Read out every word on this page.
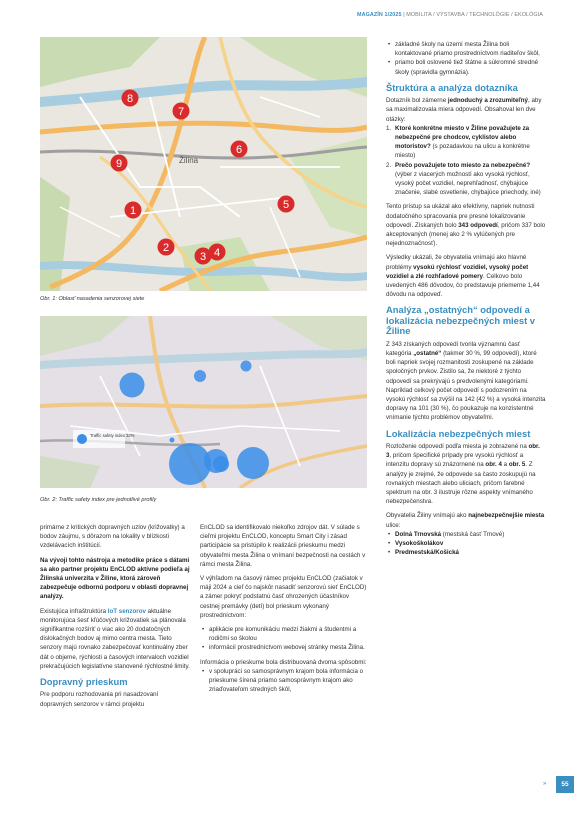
MAGAZÍN 1/2025 | MOBILITA / VÝSTAVBA / TECHNOLÓGIE / EKOLÓGIA
Žilina
1
2
3 4
5
6
7
8
9
Obr. 1: Oblasť nasadenia senzorovej siete
Traffic safety index 33%
Obr. 2: Traffic safety index pre jednotlivé profily

primárne z kritických dopravných uzlov (križovatky) a bodov záujmu, s dôrazom na lokality v blízkosti vzdelávacích inštitúcií.

Na vývoji tohto nástroja a metodike práce s dátami sa ako partner projektu EnCLOD aktívne podieľa aj Žilinská univerzita v Žiline, ktorá zároveň zabezpečuje odbornú podporu v oblasti dopravnej analýzy.

Existujúca infraštruktúra IoT senzorov aktuálne monitorujúca šesť kľúčových križovatiek sa plánovala signifikantne rozšíriť o viac ako 20 dodatočných dislokačných bodov aj mimo centra mesta. Tieto senzory majú rovnako zabezpečovať kontinuálny zber dát o objeme, rýchlosti a časových intervaloch vozidiel prekračujúcich legislatívne stanovené rýchlostné limity.

Dopravný prieskum

Pre podporu rozhodovania pri nasadzovaní dopravných senzorov v rámci projektu

EnCLOD sa identifikovalo niekoľko zdrojov dát. V súlade s cieľmi projektu EnCLOD, konceptu Smart City i zásad participácie sa pristúpilo k realizácii prieskumu medzi obyvateľmi mesta Žilina o vnímaní bezpečnosti na cestách v rámci mesta Žilina.

V výhľadom na časový rámec projektu EnCLOD (začiatok v máji 2024 a cieľ čo najskôr nasadiť senzorovú sieť EnCLOD) a zámer pokryť podstatnú časť ohrozených účastníkov cestnej premávky (detí) bol prieskum vykonaný prostredníctvom:

• aplikácie pre komunikáciu medzi žiakmi a študentmi a rodičmi so školou
• informácií prostredníctvom webovej stránky mesta Žilina.

Informácia o prieskume bola distribuovaná dvoma spôsobmi:

• v spolupráci so samosprávnym krajom bola informácia o prieskume šírená priamo samosprávnym krajom ako zriaďovateľom stredných škôl,
• základné školy na území mesta Žilina boli kontaktované priamo prostredníctvom riaditeľov škôl,
• priamo boli oslovené tiež štátne a súkromné stredné školy (spravidla gymnázia).
Štruktúra a analýza dotazníka

Dotazník bol zámerne jednoduchý a zrozumiteľný, aby sa maximalizovala miera odpovedí. Obsahoval len dve otázky:

1. Ktoré konkrétne miesto v Žiline považujete za nebezpečné pre chodcov, cyklistov alebo motoristov? (s pozadavkou na ulicu a konkrétne miesto)
2. Prečo považujete toto miesto za nebezpečné? (výber z viacerých možností ako vysoká rýchlosť, vysoký počet vozidiel, neprehľadnosť, chýbajúce značenie, slabé osvetlenie, chýbajúce priechody, iné)

Tento prístup sa ukázal ako efektívny, napriek nutnosti dodatočného spracovania pre presné lokalizovanie odpovedí. Získaných bolo 343 odpovedí, pričom 337 bolo akceptovaných (menej ako 2 % vylúčených pre nejednoznačnosť).

Výsledky ukázali, že obyvatelia vnímajú ako hlavné problémy vysokú rýchlosť vozidiel, vysoký počet vozidiel a zlé rozhľadové pomery. Celkovo bolo uvedených 486 dôvodov, čo predstavuje priemerne 1,44 dôvodu na odpoveď.

Analýza „ostatných“ odpovedí a lokalizácia nebezpečných miest v Žiline

Z 343 získaných odpovedí tvorila významnú časť kategória „ostatné“ (takmer 30 %, 99 odpovedí), ktoré boli napriek svojej rozmanitosti zoskupené na základe spoločných prvkov. Zistilo sa, že niektoré z týchto odpovedí sa prekrývajú s predvolenými kategóriami. Napríklad celkový počet odpovedí s podozrením na vysokú rýchlosť sa zvýšil na 142 (42 %) a vysoká intenzita dopravy na 101 (30 %), čo poukazuje na konzistentné vnímanie týchto problémov obyvateľmi.

Lokalizácia nebezpečných miest

Rozloženie odpovedí podľa miesta je zobrazené na obr. 3, pričom špecifické prípady pre vysokú rýchlosť a intenzitu dopravy sú znázornené na obr. 4 a obr. 5. Z analýzy je zrejmé, že odpovede sa často zoskupujú na rovnakých miestach alebo uliciach, pričom farebné spektrum na obr. 3 ilustruje rôzne aspekty vnímaného nebezpečenstva.

Obyvatelia Žiliny vnímajú ako najnebezpečnejšie miesta ulice:

• Dolná Trnovská (mestská časť Trnovė)
• Vysokoškolákov
• Predmestská/Košická
»	55
